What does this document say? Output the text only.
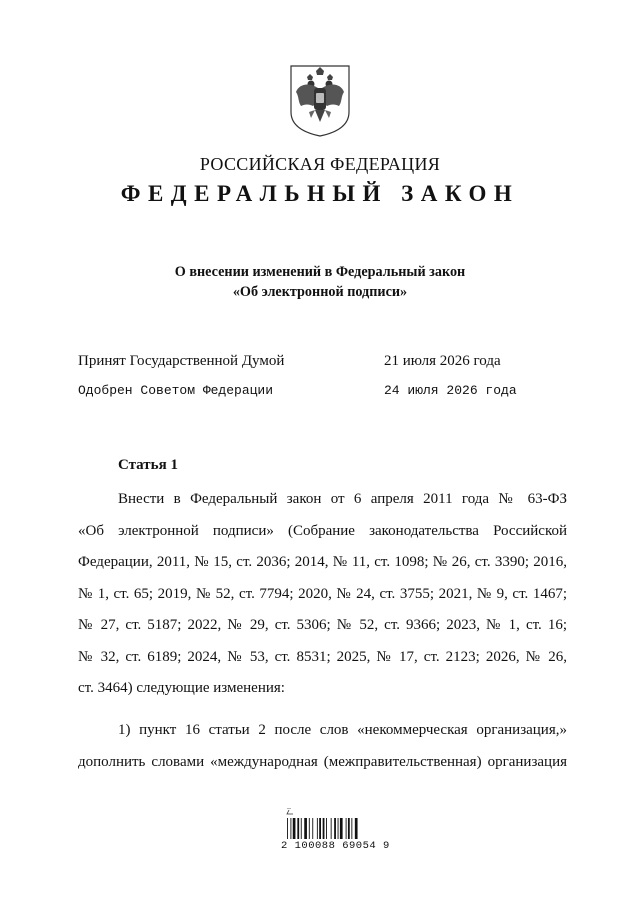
РОССИЙСКАЯ ФЕДЕРАЦИЯ
ФЕДЕРАЛЬНЫЙ ЗАКОН
О внесении изменений в Федеральный закон
«Об электронной подписи»
Принят Государственной Думой	21 июля 2026 года
Одобрен Советом Федерации	24 июля 2026 года
Статья 1
Внести в Федеральный закон от 6 апреля 2011 года № 63-ФЗ
«Об электронной подписи» (Собрание законодательства Российской
Федерации, 2011, № 15, ст. 2036; 2014, № 11, ст. 1098; № 26, ст. 3390; 2016,
№ 1, ст. 65; 2019, № 52, ст. 7794; 2020, № 24, ст. 3755; 2021, № 9, ст. 1467;
№ 27, ст. 5187; 2022, № 29, ст. 5306; № 52, ст. 9366; 2023, № 1, ст. 16;
№ 32, ст. 6189; 2024, № 53, ст. 8531; 2025, № 17, ст. 2123; 2026, № 26,
ст. 3464) следующие изменения:
1) пункт 16 статьи 2 после слов «некоммерческая организация,»
дополнить словами «международная (межправительственная) организация
2 100088 69054 9
